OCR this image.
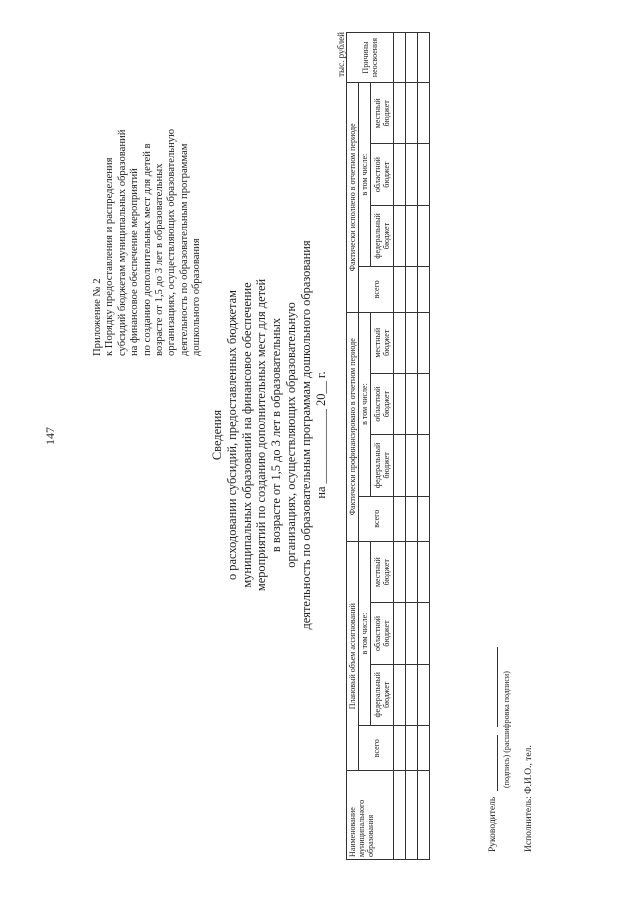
147
Приложение № 2 к Порядку предоставления и распределения субсидий бюджетам муниципальных образований на финансовое обеспечение мероприятий по созданию дополнительных мест для детей в возрасте от 1,5 до 3 лет в образовательных организациях, осуществляющих образовательную деятельность по образовательным программам дошкольного образования
Сведения о расходовании субсидий, предоставленных бюджетам муниципальных образований на финансовое обеспечение мероприятий по созданию дополнительных мест для детей в возрасте от 1,5 до 3 лет в образовательных организациях, осуществляющих образовательную деятельность по образовательным программам дошкольного образования на ____________ 20__ г.
тыс. рублей
Наименование муниципального образования	Плановый объем ассигнований				Фактически профинансировано в отчетном периоде				Фактически исполнено в отчетном периоде				Причины неосвоения
	всего	в том числе:			всего	в том числе:			всего	в том числе:			
		федеральный бюджет	областной бюджет	местный бюджет		федеральный бюджет	областной бюджет	местный бюджет		федеральный бюджет	областной бюджет	местный бюджет	

Руководитель
(подпись) (расшифровка подписи)
Исполнитель: Ф.И.О., тел.
